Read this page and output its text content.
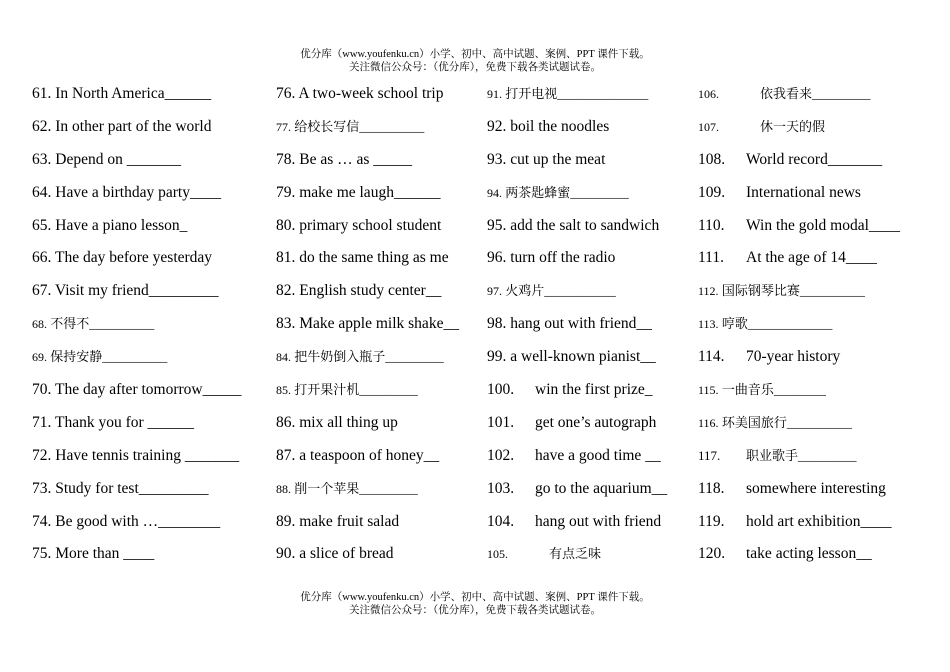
优分库（www.youfenku.cn）小学、初中、高中试题、案例、PPT 课件下载。
关注微信公众号：（优分库），免费下载各类试题试卷。
61. In North America______
62. In other part of the world
63. Depend on _______
64. Have a birthday party____
65. Have a piano lesson_
66. The day before yesterday
67. Visit my friend_________
68. 不得不__________
69. 保持安静__________
70. The day after tomorrow_____
71. Thank you for ______
72. Have tennis training _______
73. Study for test_________
74. Be good with …________
75. More than ____
76. A two-week school trip
77. 给校长写信__________
78. Be as … as _____
79. make me laugh______
80. primary school student
81. do the same thing as me
82. English study center__
83. Make apple milk shake__
84. 把牛奶倒入瓶子_________
85. 打开果汁机_________
86. mix all thing up
87. a teaspoon of honey__
88. 削一个苹果_________
89. make fruit salad
90. a slice of bread
91. 打开电视______________
92. boil the noodles
93. cut up the meat
94. 两茶匙蜂蜜_________
95. add the salt to sandwich
96. turn off the radio
97. 火鸡片___________
98. hang out with friend__
99. a well-known pianist__
100. win the first prize_
101. get one’s autograph
102. have a good time __
103. go to the aquarium__
104. hang out with friend
105.	有点乏味
106.	依我看来_________
107.	休一天的假
108. World record_______
109. International news
110. Win the gold modal____
111. At the age of 14____
112. 国际钢琴比赛__________
113. 哼歌_____________
114. 70-year history
115. 一曲音乐________
116. 环美国旅行__________
117. 职业歌手_________
118. somewhere interesting
119. hold art exhibition____
120. take acting lesson__
优分库（www.youfenku.cn）小学、初中、高中试题、案例、PPT 课件下载。
关注微信公众号：（优分库），免费下载各类试题试卷。
